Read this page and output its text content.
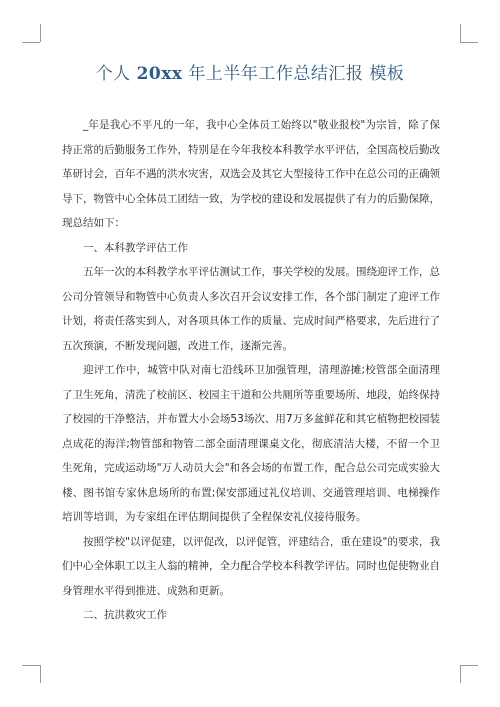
个人 20xx 年上半年工作总结汇报 模板

_年是我心不平凡的一年，我中心全体员工始终以"敬业报校"为宗旨，除了保持正常的后勤服务工作外，特别是在今年我校本科教学水平评估，全国高校后勤改革研讨会，百年不遇的洪水灾害，双选会及其它大型接待工作中在总公司的正确领导下，物管中心全体员工团结一致，为学校的建设和发展提供了有力的后勤保障，现总结如下：

一、本科教学评估工作

五年一次的本科教学水平评估测试工作，事关学校的发展。围绕迎评工作，总公司分管领导和物管中心负责人多次召开会议安排工作，各个部门制定了迎评工作计划，将责任落实到人，对各项具体工作的质量、完成时间严格要求，先后进行了五次预演，不断发现问题，改进工作，逐渐完善。

迎评工作中，城管中队对南七沿线环卫加强管理，清理游摊;校管部全面清理了卫生死角，清洗了校前区、校园主干道和公共厕所等重要场所、地段，始终保持了校园的干净整洁，并布置大小会场53场次、用7万多盆鲜花和其它植物把校园装点成花的海洋;物管部和物管二部全面清理课桌文化，彻底清洁大楼，不留一个卫生死角，完成运动场"万人动员大会"和各会场的布置工作，配合总公司完成实验大楼、图书馆专家休息场所的布置;保安部通过礼仪培训、交通管理培训、电梯操作培训等培训，为专家组在评估期间提供了全程保安礼仪接待服务。

按照学校"以评促建，以评促改，以评促管，评建结合，重在建设"的要求，我们中心全体职工以主人翁的精神，全力配合学校本科教学评估。同时也促使物业自身管理水平得到推进、成熟和更新。

二、抗洪救灾工作
